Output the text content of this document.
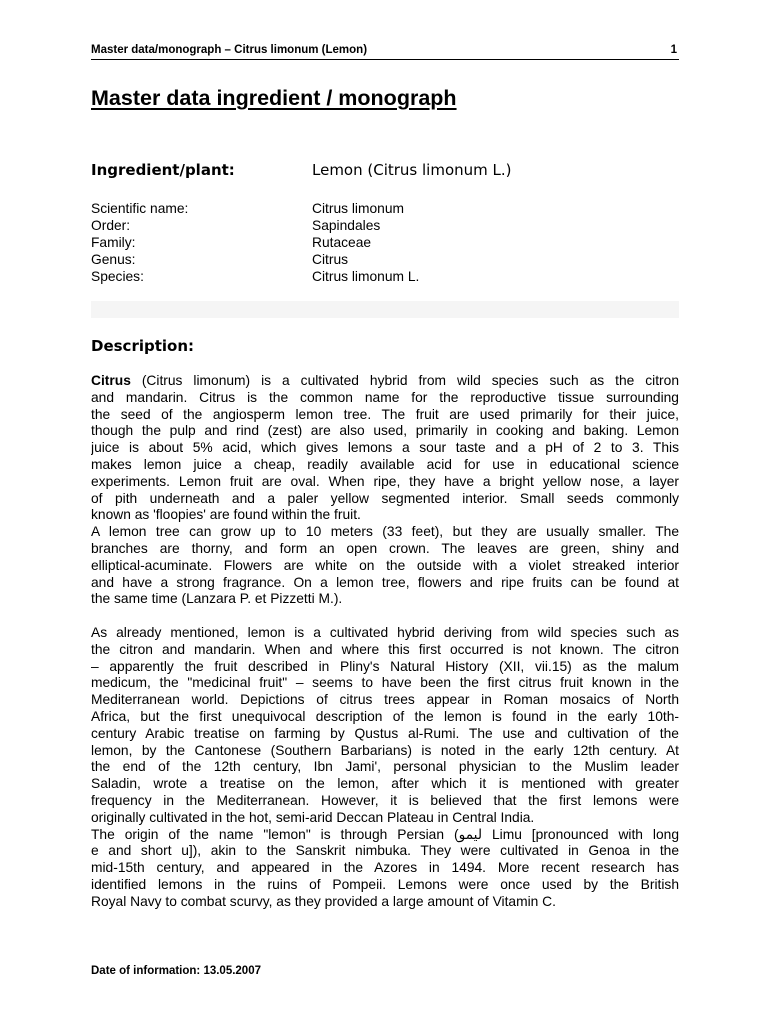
Master data/monograph – Citrus limonum (Lemon)	1
Master data ingredient / monograph
Ingredient/plant:	Lemon (Citrus limonum L.)
Scientific name:	Citrus limonum
Order:	Sapindales
Family:	Rutaceae
Genus:	Citrus
Species:	Citrus limonum L.
Description:
Citrus (Citrus limonum) is a cultivated hybrid from wild species such as the citron
and mandarin. Citrus is the common name for the reproductive tissue surrounding
the seed of the angiosperm lemon tree. The fruit are used primarily for their juice,
though the pulp and rind (zest) are also used, primarily in cooking and baking. Lemon
juice is about 5% acid, which gives lemons a sour taste and a pH of 2 to 3. This
makes lemon juice a cheap, readily available acid for use in educational science
experiments. Lemon fruit are oval. When ripe, they have a bright yellow nose, a layer
of pith underneath and a paler yellow segmented interior. Small seeds commonly
known as 'floopies' are found within the fruit.
A lemon tree can grow up to 10 meters (33 feet), but they are usually smaller. The
branches are thorny, and form an open crown. The leaves are green, shiny and
elliptical-acuminate. Flowers are white on the outside with a violet streaked interior
and have a strong fragrance. On a lemon tree, flowers and ripe fruits can be found at
the same time (Lanzara P. et Pizzetti M.).
As already mentioned, lemon is a cultivated hybrid deriving from wild species such as
the citron and mandarin. When and where this first occurred is not known. The citron
– apparently the fruit described in Pliny's Natural History (XII, vii.15) as the malum
medicum, the "medicinal fruit" – seems to have been the first citrus fruit known in the
Mediterranean world. Depictions of citrus trees appear in Roman mosaics of North
Africa, but the first unequivocal description of the lemon is found in the early 10th-
century Arabic treatise on farming by Qustus al-Rumi. The use and cultivation of the
lemon, by the Cantonese (Southern Barbarians) is noted in the early 12th century. At
the end of the 12th century, Ibn Jami', personal physician to the Muslim leader
Saladin, wrote a treatise on the lemon, after which it is mentioned with greater
frequency in the Mediterranean. However, it is believed that the first lemons were
originally cultivated in the hot, semi-arid Deccan Plateau in Central India.
The origin of the name "lemon" is through Persian (ليمو Limu [pronounced with long
e and short u]), akin to the Sanskrit nimbuka. They were cultivated in Genoa in the
mid-15th century, and appeared in the Azores in 1494. More recent research has
identified lemons in the ruins of Pompeii. Lemons were once used by the British
Royal Navy to combat scurvy, as they provided a large amount of Vitamin C.
Date of information: 13.05.2007
